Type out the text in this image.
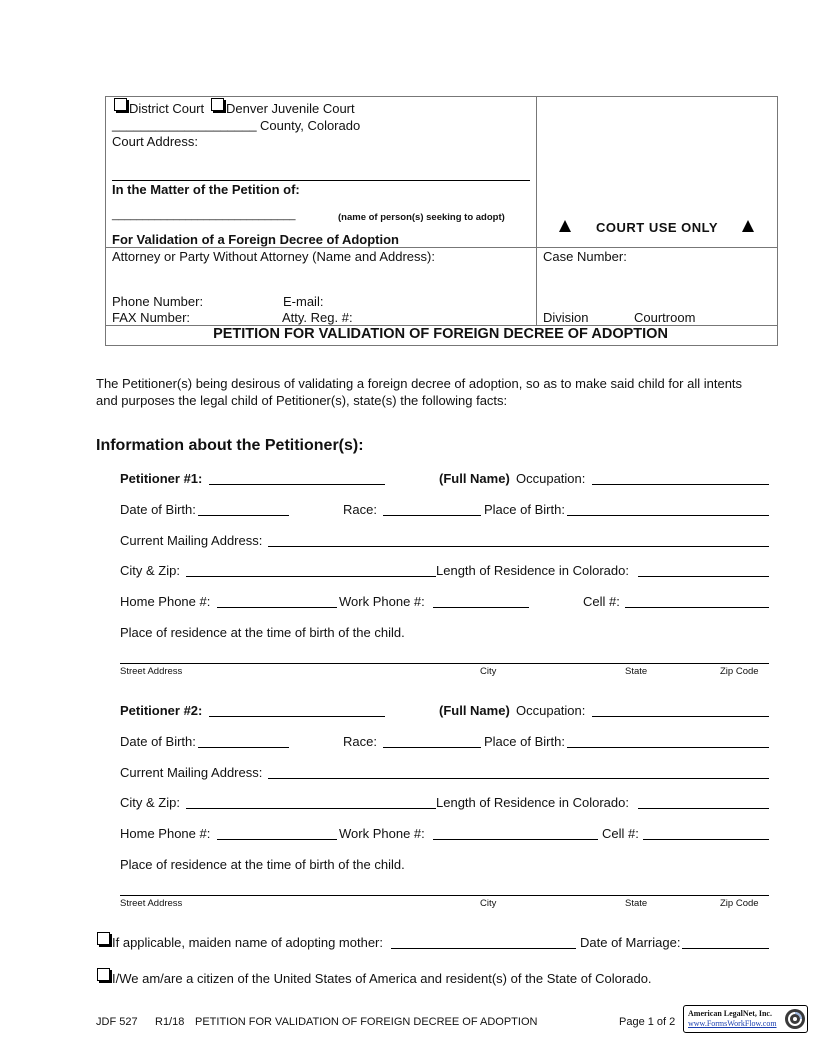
District Court Denver Juvenile Court
____________________ County, Colorado
Court Address:
In the Matter of the Petition of:
______________________________	(name of person(s) seeking to adopt)
For Validation of a Foreign Decree of Adoption
COURT USE ONLY
Attorney or Party Without Attorney (Name and Address):
Phone Number:	E-mail:
FAX Number:	Atty. Reg. #:
Case Number:
Division	Courtroom
PETITION FOR VALIDATION OF FOREIGN DECREE OF ADOPTION
The Petitioner(s) being desirous of validating a foreign decree of adoption, so as to make said child for all intents
and purposes the legal child of Petitioner(s), state(s) the following facts:
Information about the Petitioner(s):
Petitioner #1:	(Full Name) Occupation:
Date of Birth:	Race:	Place of Birth:
Current Mailing Address:
City & Zip:	Length of Residence in Colorado:
Home Phone #:	Work Phone #:	Cell #:
Place of residence at the time of birth of the child.
Street Address	City	State	Zip Code
Petitioner #2:	(Full Name) Occupation:
Date of Birth:	Race:	Place of Birth:
Current Mailing Address:
City & Zip:	Length of Residence in Colorado:
Home Phone #:	Work Phone #:	Cell #:
Place of residence at the time of birth of the child.
Street Address	City	State	Zip Code
If applicable, maiden name of adopting mother:	Date of Marriage:
I/We am/are a citizen of the United States of America and resident(s) of the State of Colorado.
JDF 527 R1/18 PETITION FOR VALIDATION OF FOREIGN DECREE OF ADOPTION	Page 1 of 2
American LegalNet, Inc.
www.FormsWorkFlow.com
